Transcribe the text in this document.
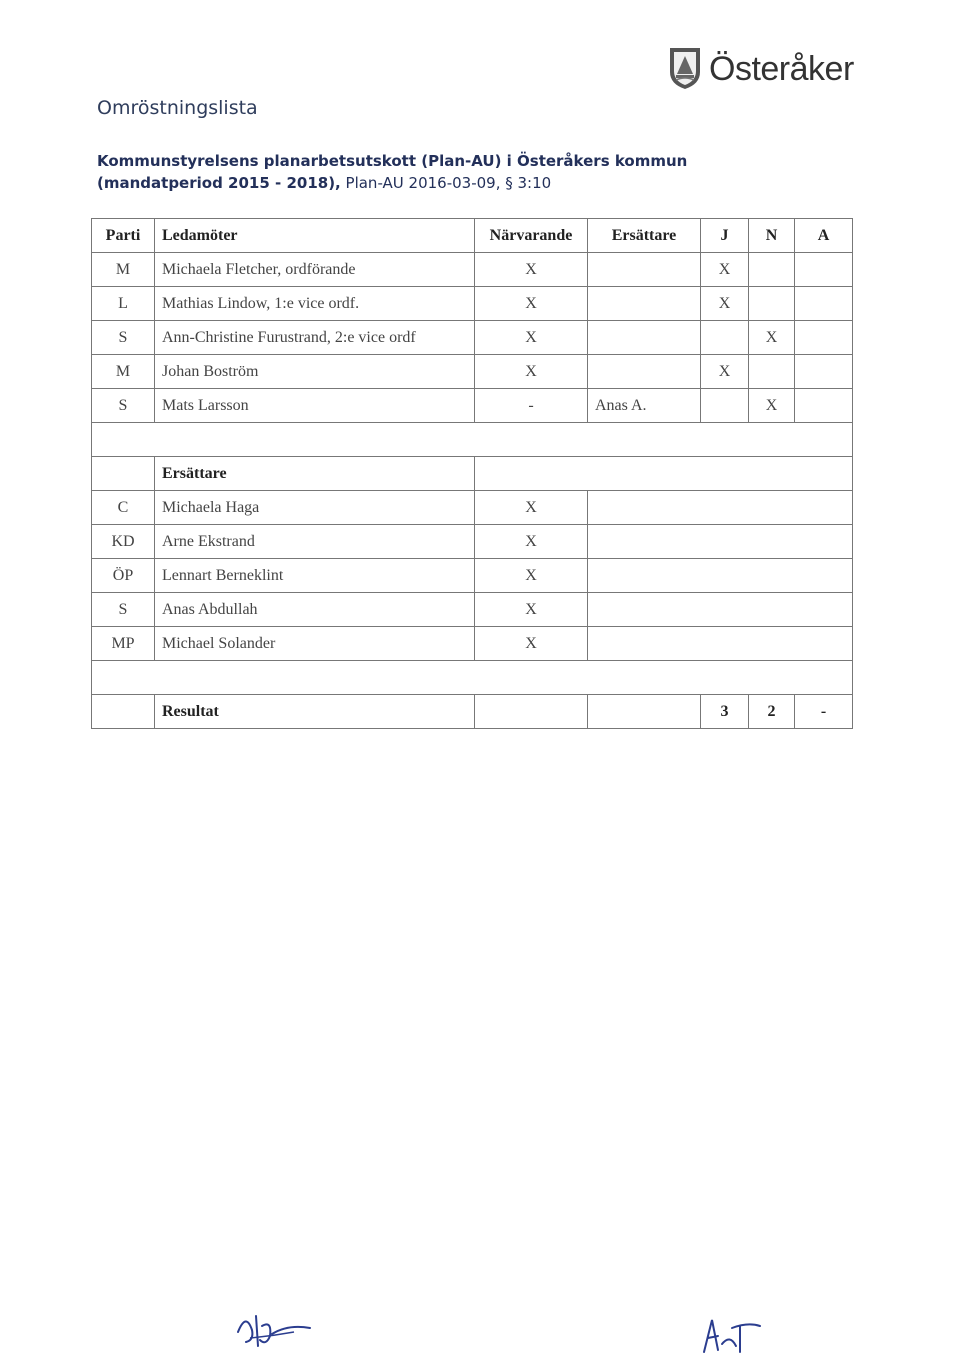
Österåker
Omröstningslista
Kommunstyrelsens planarbetsutskott (Plan-AU) i Österåkers kommun
(mandatperiod 2015 - 2018), Plan-AU 2016-03-09, § 3:10
Parti	Ledamöter	Närvarande	Ersättare	J	N	A
M	Michaela Fletcher, ordförande	X		X		
L	Mathias Lindow, 1:e vice ordf.	X		X		
S	Ann-Christine Furustrand, 2:e vice ordf	X			X	
M	Johan Boström	X		X		
S	Mats Larsson	-	Anas A.		X	

	Ersättare					
C	Michaela Haga	X				
KD	Arne Ekstrand	X				
ÖP	Lennart Berneklint	X				
S	Anas Abdullah	X				
MP	Michael Solander	X				

	Resultat			3	2	-
